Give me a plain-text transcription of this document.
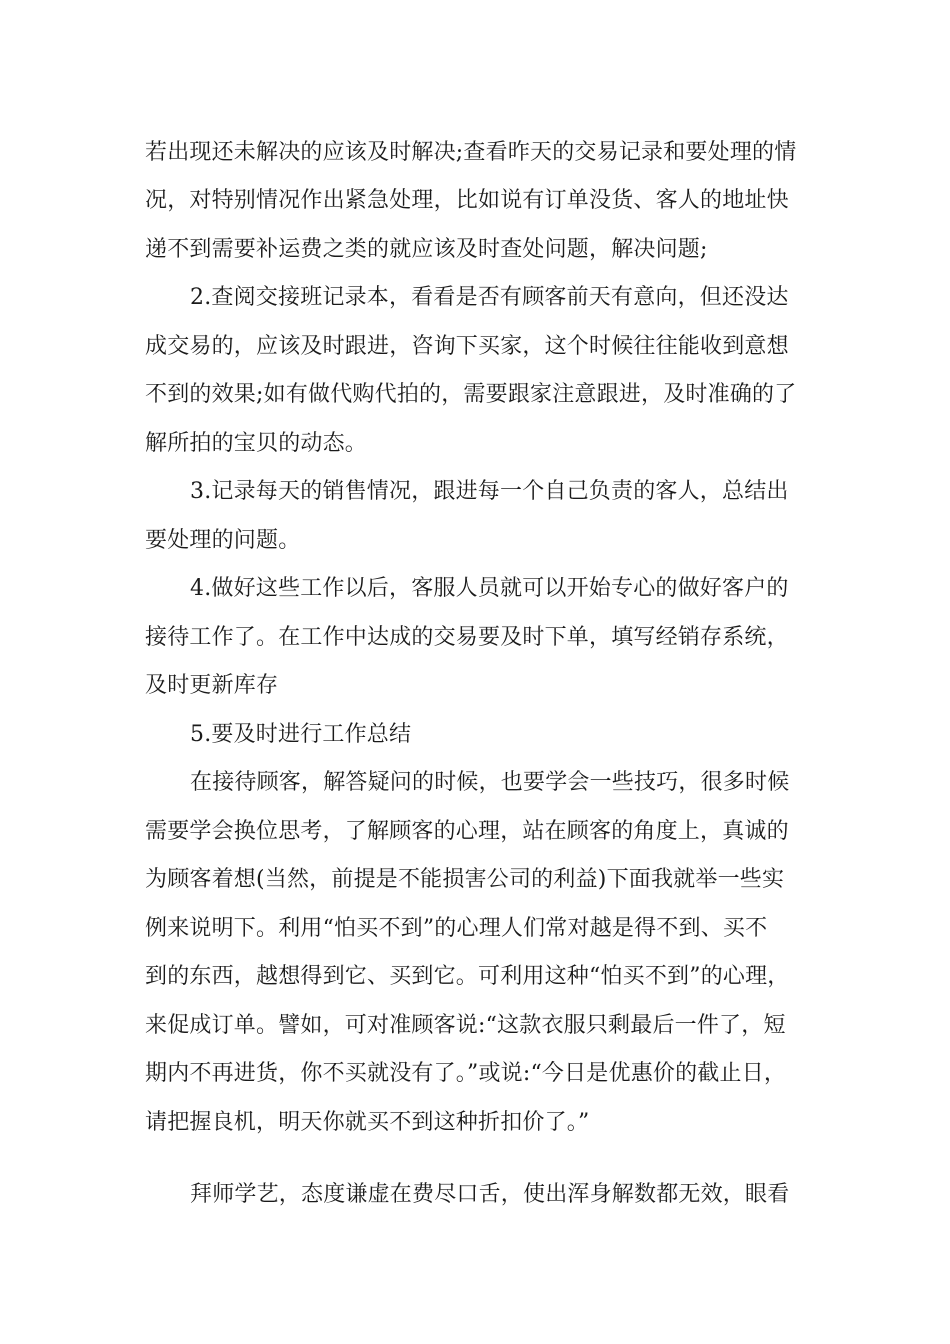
若出现还未解决的应该及时解决;查看昨天的交易记录和要处理的情
况，对特别情况作出紧急处理，比如说有订单没货、客人的地址快
递不到需要补运费之类的就应该及时查处问题，解决问题;
2.查阅交接班记录本，看看是否有顾客前天有意向，但还没达
成交易的，应该及时跟进，咨询下买家，这个时候往往能收到意想
不到的效果;如有做代购代拍的，需要跟家注意跟进，及时准确的了
解所拍的宝贝的动态。
3.记录每天的销售情况，跟进每一个自己负责的客人，总结出
要处理的问题。
4.做好这些工作以后，客服人员就可以开始专心的做好客户的
接待工作了。在工作中达成的交易要及时下单，填写经销存系统，
及时更新库存
5.要及时进行工作总结
在接待顾客，解答疑问的时候，也要学会一些技巧，很多时候
需要学会换位思考，了解顾客的心理，站在顾客的角度上，真诚的
为顾客着想(当然，前提是不能损害公司的利益)下面我就举一些实
例来说明下。利用“怕买不到”的心理人们常对越是得不到、买不
到的东西，越想得到它、买到它。可利用这种“怕买不到”的心理，
来促成订单。譬如，可对准顾客说:“这款衣服只剩最后一件了，短
期内不再进货，你不买就没有了。”或说:“今日是优惠价的截止日，
请把握良机，明天你就买不到这种折扣价了。”
拜师学艺，态度谦虚在费尽口舌，使出浑身解数都无效，眼看
